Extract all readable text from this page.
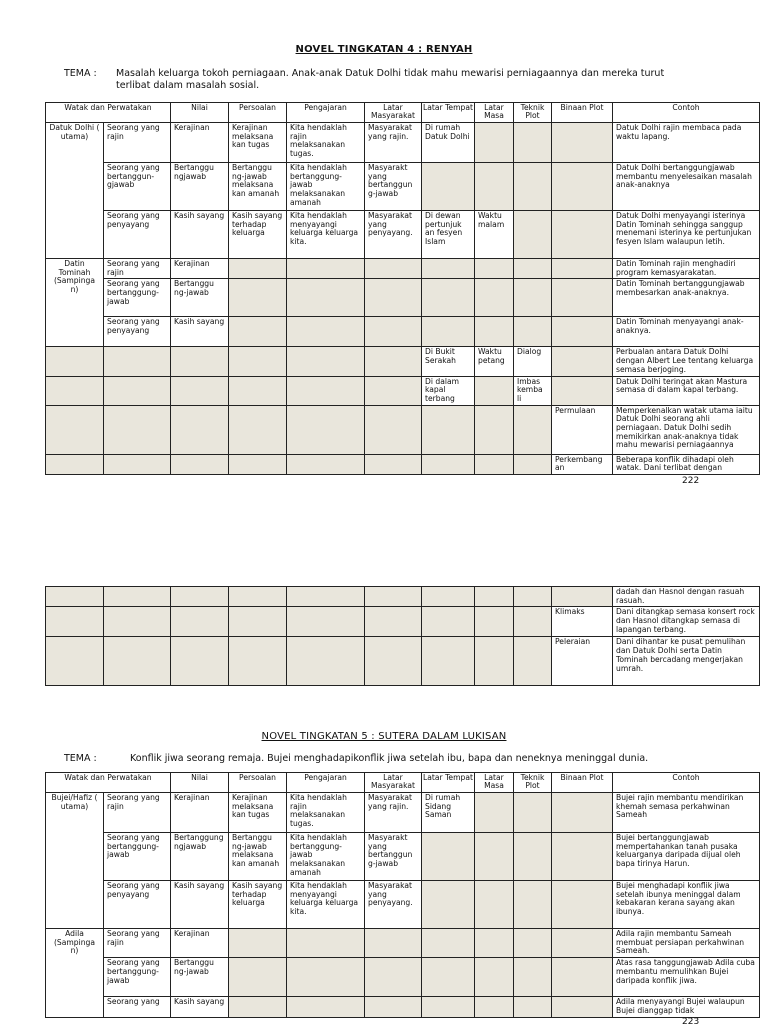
NOVEL TINGKATAN 4 : RENYAH
TEMA : Masalah keluarga tokoh perniagaan. Anak-anak Datuk Dolhi tidak mahu mewarisi perniagaannya dan mereka turut terlibat dalam masalah sosial.
Watak dan Perwatakan		Nilai	Persoalan	Pengajaran	Latar Masyarakat	Latar Tempat	Latar Masa	Teknik Plot	Binaan Plot	Contoh
Datuk Dolhi ( utama)	Seorang yang rajin	Kerajinan	Kerajinan melaksana kan tugas	Kita hendaklah rajin melaksanakan tugas.	Masyarakat yang rajin.	Di rumah Datuk Dolhi				Datuk Dolhi rajin membaca pada waktu lapang.
	Seorang yang bertanggun-gjawab	Bertanggu ngjawab	Bertanggu ng-jawab melaksana kan amanah	Kita hendaklah bertanggung-jawab melaksanakan amanah	Masyarakt yang bertanggun g-jawab					Datuk Dolhi bertanggungjawab membantu menyelesaikan masalah anak-anaknya
	Seorang yang penyayang	Kasih sayang	Kasih sayang terhadap keluarga	Kita hendaklah menyayangi keluarga keluarga kita.	Masyarakat yang penyayang.	Di dewan pertunjuk an fesyen Islam	Waktu malam			Datuk Dolhi menyayangi isterinya Datin Tominah sehingga sanggup menemani isterinya ke pertunjukan fesyen Islam walaupun letih.
Datin Tominah (Sampinga n)	Seorang yang rajin	Kerajinan								Datin Tominah rajin menghadiri program kemasyarakatan.
	Seorang yang bertanggung-jawab	Bertanggu ng-jawab								Datin Tominah bertanggungjawab membesarkan anak-anaknya.
	Seorang yang penyayang	Kasih sayang								Datin Tominah menyayangi anak-anaknya.
						Di Bukit Serakah	Waktu petang	Dialog		Perbualan antara Datuk Dolhi dengan Albert Lee tentang keluarga semasa berjoging.
						Di dalam kapal terbang		Imbas kemba li		Datuk Dolhi teringat akan Mastura semasa di dalam kapal terbang.
									Permulaan	Memperkenalkan watak utama iaitu Datuk Dolhi seorang ahli perniagaan. Datuk Dolhi sedih memikirkan anak-anaknya tidak mahu mewarisi perniagaannya
									Perkembang an	Beberapa konflik dihadapi oleh watak. Dani terlibat dengan
222
										dadah dan Hasnol dengan rasuah rasuah.
									Klimaks	Dani ditangkap semasa konsert rock dan Hasnol ditangkap semasa di lapangan terbang.
									Peleraian	Dani dihantar ke pusat pemulihan dan Datuk Dolhi serta Datin Tominah bercadang mengerjakan umrah.
NOVEL TINGKATAN 5 : SUTERA DALAM LUKISAN
TEMA :	Konflik jiwa seorang remaja. Bujei menghadapikonflik jiwa setelah ibu, bapa dan neneknya meninggal dunia.
Watak dan Perwatakan		Nilai	Persoalan	Pengajaran	Latar Masyarakat	Latar Tempat	Latar Masa	Teknik Plot	Binaan Plot	Contoh
Bujei/Hafiz ( utama)	Seorang yang rajin	Kerajinan	Kerajinan melaksana kan tugas	Kita hendaklah rajin melaksanakan tugas.	Masyarakat yang rajin.	Di rumah Sidang Saman				Bujei rajin membantu mendirikan khemah semasa perkahwinan Sameah
	Seorang yang bertanggung-jawab	Bertanggung ngjawab	Bertanggu ng-jawab melaksana kan amanah	Kita hendaklah bertanggung-jawab melaksanakan amanah	Masyarakt yang bertanggun g-jawab					Bujei bertanggungjawab mempertahankan tanah pusaka keluarganya daripada dijual oleh bapa tirinya Harun.
	Seorang yang penyayang	Kasih sayang	Kasih sayang terhadap keluarga	Kita hendaklah menyayangi keluarga keluarga kita.	Masyarakat yang penyayang.					Bujei menghadapi konflik jiwa setelah ibunya meninggal dalam kebakaran kerana sayang akan ibunya.
Adila (Sampinga n)	Seorang yang rajin	Kerajinan								Adila rajin membantu Sameah membuat persiapan perkahwinan Sameah.
	Seorang yang bertanggung-jawab	Bertanggu ng-jawab								Atas rasa tanggungjawab Adila cuba membantu memulihkan Bujei daripada konflik jiwa.
	Seorang yang	Kasih sayang								Adila menyayangi Bujei walaupun Bujei dianggap tidak
223
